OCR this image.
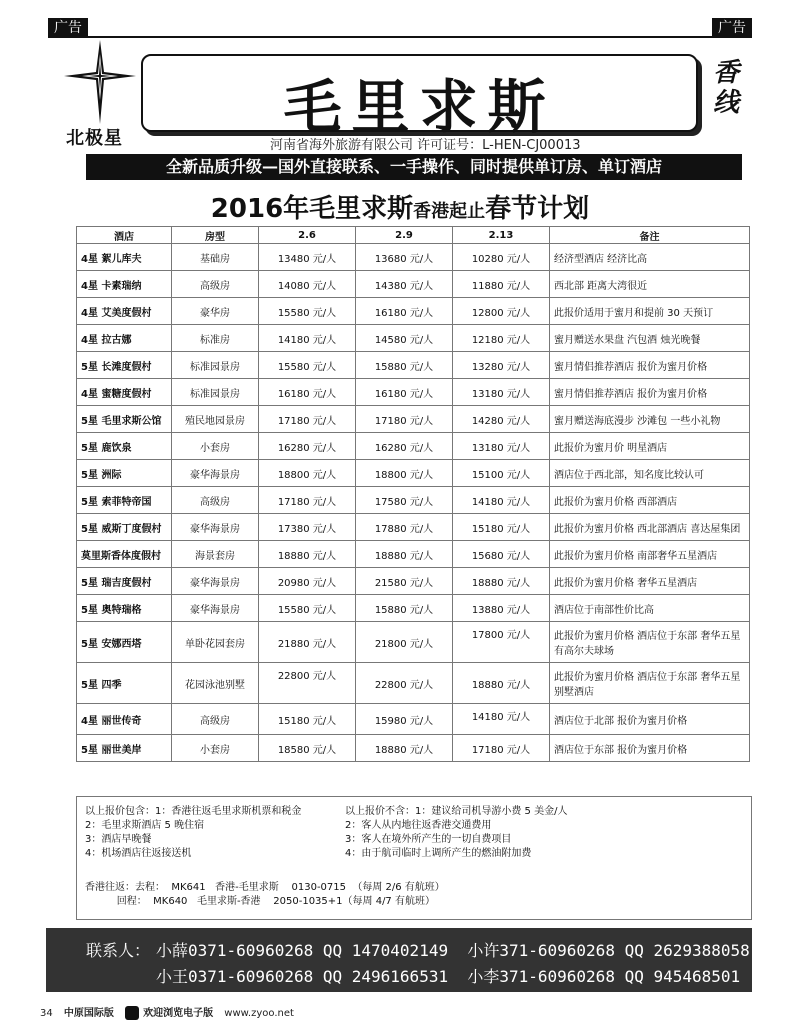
广告	广告
北极星	毛里求斯	香
线
河南省海外旅游有限公司 许可证号：L-HEN-CJ00013
全新品质升级—国外直接联系、一手操作、同时提供单订房、单订酒店
2016年毛里求斯香港起止春节计划
酒店	房型	2.6	2.9	2.13	备注
4星 絮儿库夫	基础房	13480 元/人	13680 元/人	10280 元/人	经济型酒店 经济比高
4星 卡素瑞纳	高级房	14080 元/人	14380 元/人	11880 元/人	西北部 距离大湾很近
4星 艾美度假村	豪华房	15580 元/人	16180 元/人	12800 元/人	此报价适用于蜜月和提前 30 天预订
4星 拉古娜	标准房	14180 元/人	14580 元/人	12180 元/人	蜜月赠送水果盘 汽包酒 烛光晚餐
5星 长滩度假村	标准园景房	15580 元/人	15880 元/人	13280 元/人	蜜月情侣推荐酒店 报价为蜜月价格
4星 蜜糖度假村	标准园景房	16180 元/人	16180 元/人	13180 元/人	蜜月情侣推荐酒店 报价为蜜月价格
5星 毛里求斯公馆	殖民地园景房	17180 元/人	17180 元/人	14280 元/人	蜜月赠送海底漫步 沙滩包 一些小礼物
5星 鹿饮泉	小套房	16280 元/人	16280 元/人	13180 元/人	此报价为蜜月价 明星酒店
5星 洲际	豪华海景房	18800 元/人	18800 元/人	15100 元/人	酒店位于西北部，知名度比较认可
5星 索菲特帝国	高级房	17180 元/人	17580 元/人	14180 元/人	此报价为蜜月价格 西部酒店
5星 威斯丁度假村	豪华海景房	17380 元/人	17880 元/人	15180 元/人	此报价为蜜月价格 西北部酒店 喜达屋集团
莫里斯香体度假村	海景套房	18880 元/人	18880 元/人	15680 元/人	此报价为蜜月价格 南部奢华五星酒店
5星 瑞吉度假村	豪华海景房	20980 元/人	21580 元/人	18880 元/人	此报价为蜜月价格 奢华五星酒店
5星 奥特瑞格	豪华海景房	15580 元/人	15880 元/人	13880 元/人	酒店位于南部性价比高
5星 安娜西塔	单卧花园套房	21880 元/人	21800 元/人	17800 元/人	此报价为蜜月价格 酒店位于东部 奢华五星有高尔夫球场
5星 四季	花园泳池别墅	22800 元/人	22800 元/人	18880 元/人	此报价为蜜月价格 酒店位于东部 奢华五星别墅酒店
4星 丽世传奇	高级房	15180 元/人	15980 元/人	14180 元/人	酒店位于北部 报价为蜜月价格
5星 丽世美岸	小套房	18580 元/人	18880 元/人	17180 元/人	酒店位于东部 报价为蜜月价格
以上报价包含：1：香港往返毛里求斯机票和税金
2：毛里求斯酒店 5 晚住宿
3：酒店早晚餐
4：机场酒店往返接送机
以上报价不含：1：建议给司机导游小费 5 美金/人
2：客人从内地往返香港交通费用
3：客人在境外所产生的一切自费项目
4：由于航司临时上调所产生的燃油附加费
香港往返：去程：  MK641   香港-毛里求斯    0130-0715  （每周 2/6 有航班）
回程：  MK640   毛里求斯-香港    2050-1035+1（每周 4/7 有航班）
联系人： 小薛0371-60960268 QQ 1470402149  小许371-60960268 QQ 2629388058
小王0371-60960268 QQ 2496166531  小李371-60960268 QQ 945468501
34 中原国际版	欢迎浏览电子版 www.zyoo.net
